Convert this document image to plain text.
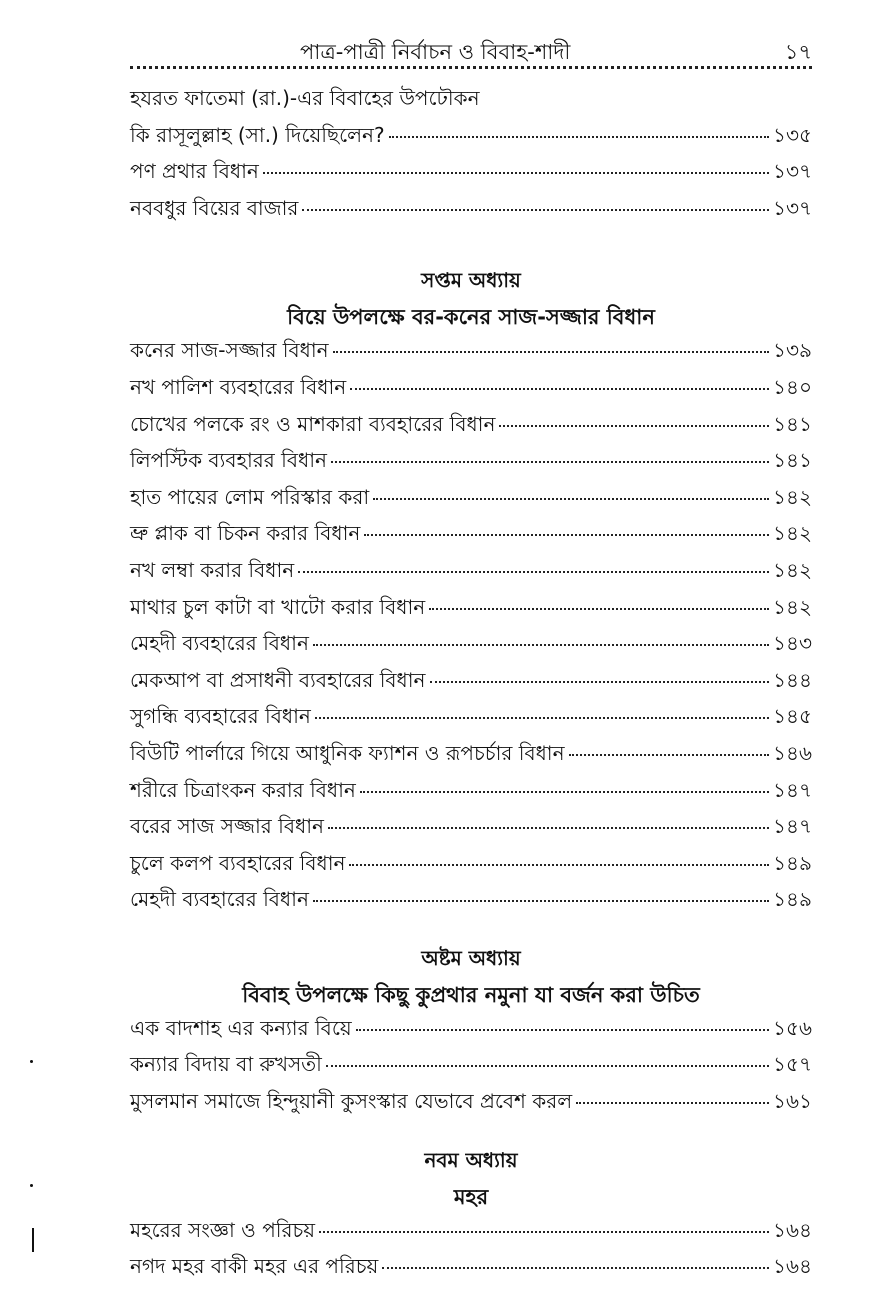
পাত্র-পাত্রী নির্বাচন ও বিবাহ-শাদী	১৭
হযরত ফাতেমা (রা.)-এর বিবাহের উপঢৌকন
কি রাসূলুল্লাহ (সা.) দিয়েছিলেন?	১৩৫
পণ প্রথার বিধান	১৩৭
নববধুর বিয়ের বাজার	১৩৭
সপ্তম অধ্যায়
বিয়ে উপলক্ষে বর-কনের সাজ-সজ্জার বিধান
কনের সাজ-সজ্জার বিধান	১৩৯
নখ পালিশ ব্যবহারের বিধান	১৪০
চোখের পলকে রং ও মাশকারা ব্যবহারের বিধান	১৪১
লিপস্টিক ব্যবহারর বিধান	১৪১
হাত পায়ের লোম পরিস্কার করা	১৪২
ভ্রু প্লাক বা চিকন করার বিধান	১৪২
নখ লম্বা করার বিধান	১৪২
মাথার চুল কাটা বা খাটো করার বিধান	১৪২
মেহদী ব্যবহারের বিধান	১৪৩
মেকআপ বা প্রসাধনী ব্যবহারের বিধান	১৪৪
সুগন্ধি ব্যবহারের বিধান	১৪৫
বিউটি পার্লারে গিয়ে আধুনিক ফ্যাশন ও রূপচর্চার বিধান	১৪৬
শরীরে চিত্রাংকন করার বিধান	১৪৭
বরের সাজ সজ্জার বিধান	১৪৭
চুলে কলপ ব্যবহারের বিধান	১৪৯
মেহদী ব্যবহারের বিধান	১৪৯
অষ্টম অধ্যায়
বিবাহ উপলক্ষে কিছু কুপ্রথার নমুনা যা বর্জন করা উচিত
এক বাদশাহ এর কন্যার বিয়ে	১৫৬
কন্যার বিদায় বা রুখসতী	১৫৭
মুসলমান সমাজে হিন্দুয়ানী কুসংস্কার যেভাবে প্রবেশ করল	১৬১
নবম অধ্যায়
মহর
মহরের সংজ্ঞা ও পরিচয়	১৬৪
নগদ মহর বাকী মহর এর পরিচয়	১৬৪
